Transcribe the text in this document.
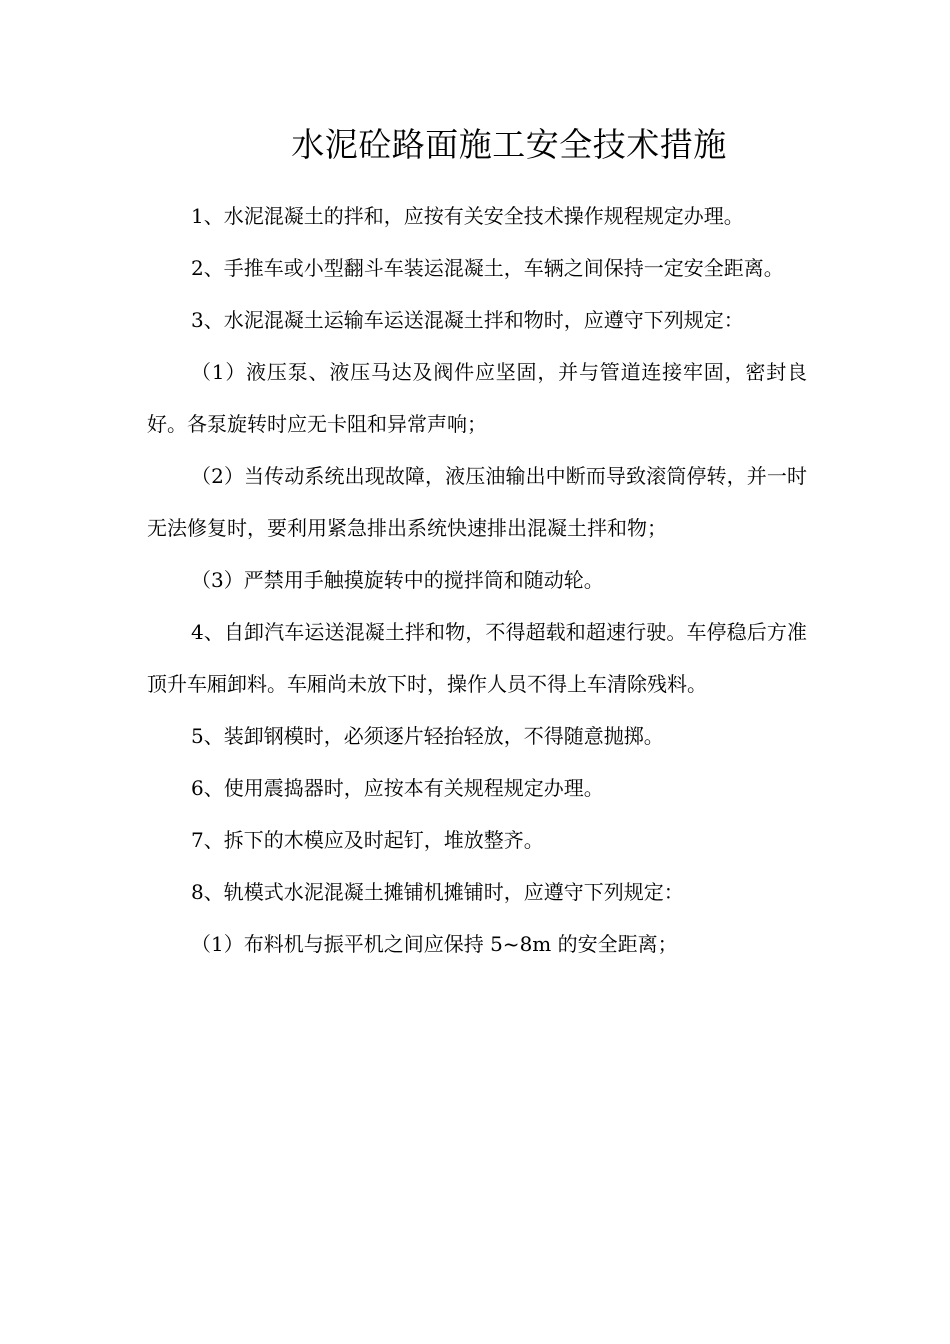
水泥砼路面施工安全技术措施

1、水泥混凝土的拌和，应按有关安全技术操作规程规定办理。

2、手推车或小型翻斗车装运混凝土，车辆之间保持一定安全距离。

3、水泥混凝土运输车运送混凝土拌和物时，应遵守下列规定：

（1）液压泵、液压马达及阀件应坚固，并与管道连接牢固，密封良好。各泵旋转时应无卡阻和异常声响；

（2）当传动系统出现故障，液压油输出中断而导致滚筒停转，并一时无法修复时，要利用紧急排出系统快速排出混凝土拌和物；

（3）严禁用手触摸旋转中的搅拌筒和随动轮。

4、自卸汽车运送混凝土拌和物，不得超载和超速行驶。车停稳后方准顶升车厢卸料。车厢尚未放下时，操作人员不得上车清除残料。

5、装卸钢模时，必须逐片轻抬轻放，不得随意抛掷。

6、使用震捣器时，应按本有关规程规定办理。

7、拆下的木模应及时起钉，堆放整齐。

8、轨模式水泥混凝土摊铺机摊铺时，应遵守下列规定：

（1）布料机与振平机之间应保持 5~8m 的安全距离；
